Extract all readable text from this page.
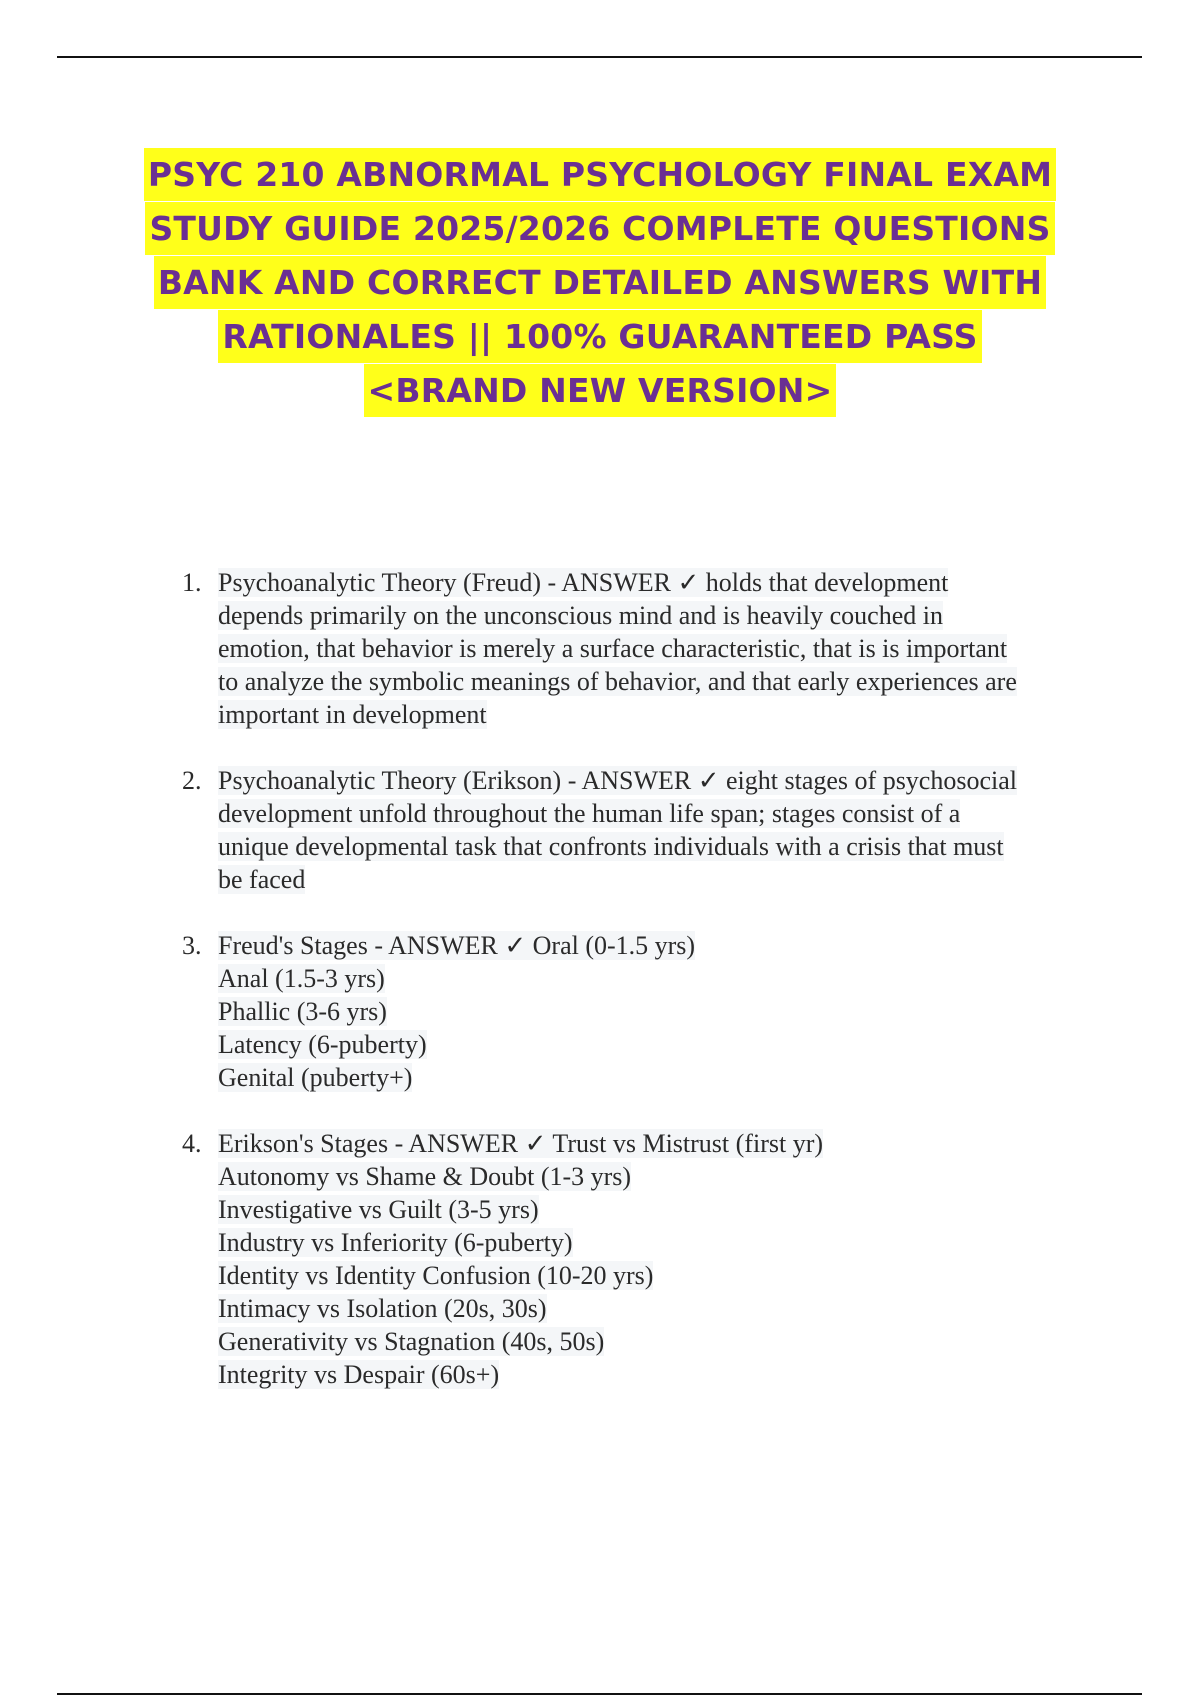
PSYC 210 ABNORMAL PSYCHOLOGY FINAL EXAM
STUDY GUIDE 2025/2026 COMPLETE QUESTIONS
BANK AND CORRECT DETAILED ANSWERS WITH
RATIONALES || 100% GUARANTEED PASS
<BRAND NEW VERSION>
1. Psychoanalytic Theory (Freud) - ANSWER ✓ holds that development
depends primarily on the unconscious mind and is heavily couched in
emotion, that behavior is merely a surface characteristic, that is is important
to analyze the symbolic meanings of behavior, and that early experiences are
important in development
2. Psychoanalytic Theory (Erikson) - ANSWER ✓ eight stages of psychosocial
development unfold throughout the human life span; stages consist of a
unique developmental task that confronts individuals with a crisis that must
be faced
3. Freud's Stages - ANSWER ✓ Oral (0-1.5 yrs)
Anal (1.5-3 yrs)
Phallic (3-6 yrs)
Latency (6-puberty)
Genital (puberty+)
4. Erikson's Stages - ANSWER ✓ Trust vs Mistrust (first yr)
Autonomy vs Shame & Doubt (1-3 yrs)
Investigative vs Guilt (3-5 yrs)
Industry vs Inferiority (6-puberty)
Identity vs Identity Confusion (10-20 yrs)
Intimacy vs Isolation (20s, 30s)
Generativity vs Stagnation (40s, 50s)
Integrity vs Despair (60s+)
